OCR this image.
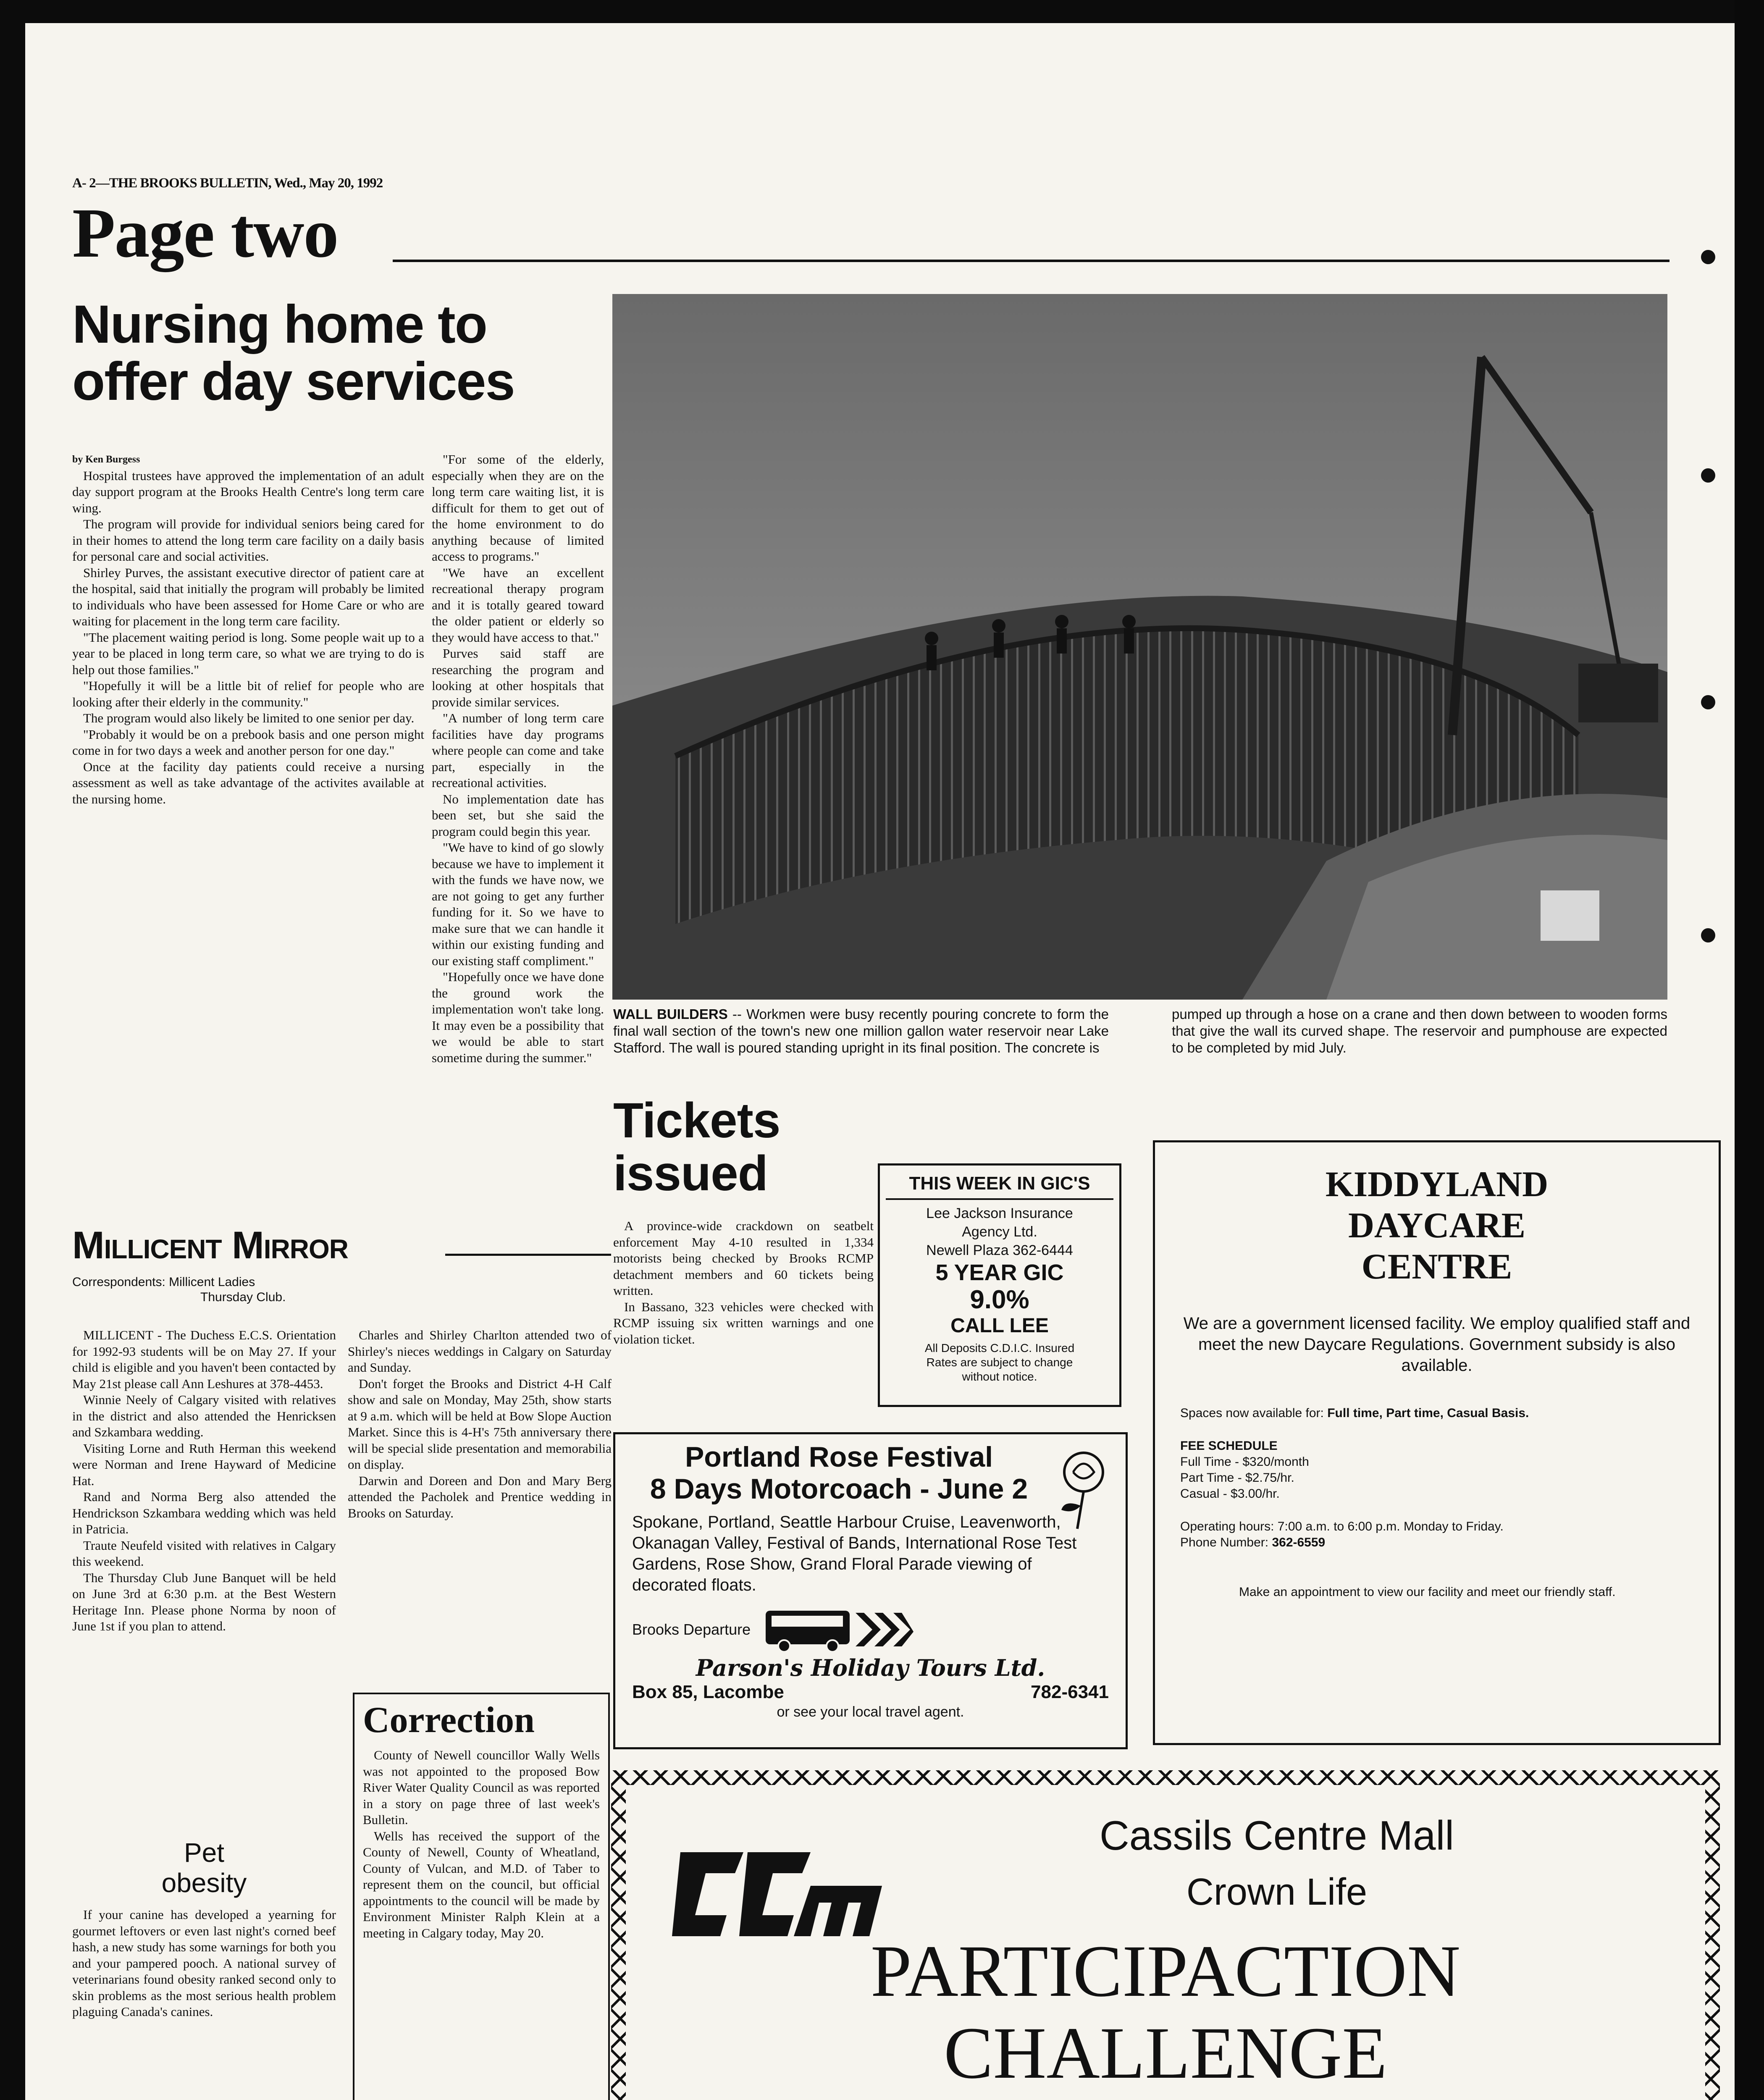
A- 2—THE BROOKS BULLETIN, Wed., May 20, 1992
Page two
Nursing home to
offer day services
by Ken Burgess

Hospital trustees have approved the implementation of an adult day support program at the Brooks Health Centre's long term care wing.

The program will provide for individual seniors being cared for in their homes to attend the long term care facility on a daily basis for personal care and social activities.

Shirley Purves, the assistant executive director of patient care at the hospital, said that initially the program will probably be limited to individuals who have been assessed for Home Care or who are waiting for placement in the long term care facility.

"The placement waiting period is long. Some people wait up to a year to be placed in long term care, so what we are trying to do is help out those families."

"Hopefully it will be a little bit of relief for people who are looking after their elderly in the community."

The program would also likely be limited to one senior per day.

"Probably it would be on a prebook basis and one person might come in for two days a week and another person for one day."

Once at the facility day patients could receive a nursing assessment as well as take advantage of the activites available at the nursing home.

"For some of the elderly, especially when they are on the long term care waiting list, it is difficult for them to get out of the home environment to do anything because of limited access to programs."

"We have an excellent recreational therapy program and it is totally geared toward the older patient or elderly so they would have access to that."

Purves said staff are researching the program and looking at other hospitals that provide similar services.

"A number of long term care facilities have day programs where people can come and take part, especially in the recreational activities.

No implementation date has been set, but she said the program could begin this year.

"We have to kind of go slowly because we have to implement it with the funds we have now, we are not going to get any further funding for it. So we have to make sure that we can handle it within our existing funding and our existing staff compliment."

"Hopefully once we have done the ground work the implementation won't take long. It may even be a possibility that we would be able to start sometime during the summer."

WALL BUILDERS -- Workmen were busy recently pouring concrete to form the final wall section of the town's new one million gallon water reservoir near Lake Stafford. The wall is poured standing upright in its final position. The concrete is
pumped up through a hose on a crane and then down between to wooden forms that give the wall its curved shape. The reservoir and pumphouse are expected to be completed by mid July.
Millicent Mirror
Correspondents: Millicent Ladies
Thursday Club.

MILLICENT - The Duchess E.C.S. Orientation for 1992-93 students will be on May 27. If your child is eligible and you haven't been contacted by May 21st please call Ann Leshures at 378-4453.

Winnie Neely of Calgary visited with relatives in the district and also attended the Henricksen and Szkambara wedding.

Visiting Lorne and Ruth Herman this weekend were Norman and Irene Hayward of Medicine Hat.

Rand and Norma Berg also attended the Hendrickson Szkambara wedding which was held in Patricia.

Traute Neufeld visited with relatives in Calgary this weekend.

The Thursday Club June Banquet will be held on June 3rd at 6:30 p.m. at the Best Western Heritage Inn. Please phone Norma by noon of June 1st if you plan to attend.

Charles and Shirley Charlton attended two of Shirley's nieces weddings in Calgary on Saturday and Sunday.

Don't forget the Brooks and District 4-H Calf show and sale on Monday, May 25th, show starts at 9 a.m. which will be held at Bow Slope Auction Market. Since this is 4-H's 75th anniversary there will be special slide presentation and memorabilia on display.

Darwin and Doreen and Don and Mary Berg attended the Pacholek and Prentice wedding in Brooks on Saturday.

Pet
obesity

If your canine has developed a yearning for gourmet leftovers or even last night's corned beef hash, a new study has some warnings for both you and your pampered pooch. A national survey of veterinarians found obesity ranked second only to skin problems as the most serious health problem plaguing Canada's canines.

Correction

County of Newell councillor Wally Wells was not appointed to the proposed Bow River Water Quality Council as was reported in a story on page three of last week's Bulletin.

Wells has received the support of the County of Newell, County of Wheatland, County of Vulcan, and M.D. of Taber to represent them on the council, but official appointments to the council will be made by Environment Minister Ralph Klein at a meeting in Calgary today, May 20.

Tickets
issued

A province-wide crackdown on seatbelt enforcement May 4-10 resulted in 1,334 motorists being checked by Brooks RCMP detachment members and 60 tickets being written.

In Bassano, 323 vehicles were checked with RCMP issuing six written warnings and one violation ticket.

THIS WEEK IN GIC'S
Lee Jackson Insurance
Agency Ltd.
Newell Plaza 362-6444
5 YEAR GIC
9.0%
CALL LEE
All Deposits C.D.I.C. Insured
Rates are subject to change
without notice.
Portland Rose Festival
8 Days Motorcoach - June 2
Spokane, Portland, Seattle Harbour Cruise, Leavenworth, Okanagan Valley, Festival of Bands, International Rose Test Gardens, Rose Show, Grand Floral Parade viewing of decorated floats.
Brooks Departure
Parson's Holiday Tours Ltd.
Box 85, Lacombe	782-6341
or see your local travel agent.
KIDDYLAND
DAYCARE
CENTRE
We are a government licensed facility. We employ qualified staff and meet the new Daycare Regulations. Government subsidy is also available.
Spaces now available for: Full time, Part time, Casual Basis.
FEE SCHEDULE
Full Time - $320/month
Part Time - $2.75/hr.
Casual - $3.00/hr.
Operating hours: 7:00 a.m. to 6:00 p.m. Monday to Friday.
Phone Number: 362-6559
Make an appointment to view our facility and meet our friendly staff.
Cassils Centre Mall
Crown Life
PARTICIPACTION
CHALLENGE
